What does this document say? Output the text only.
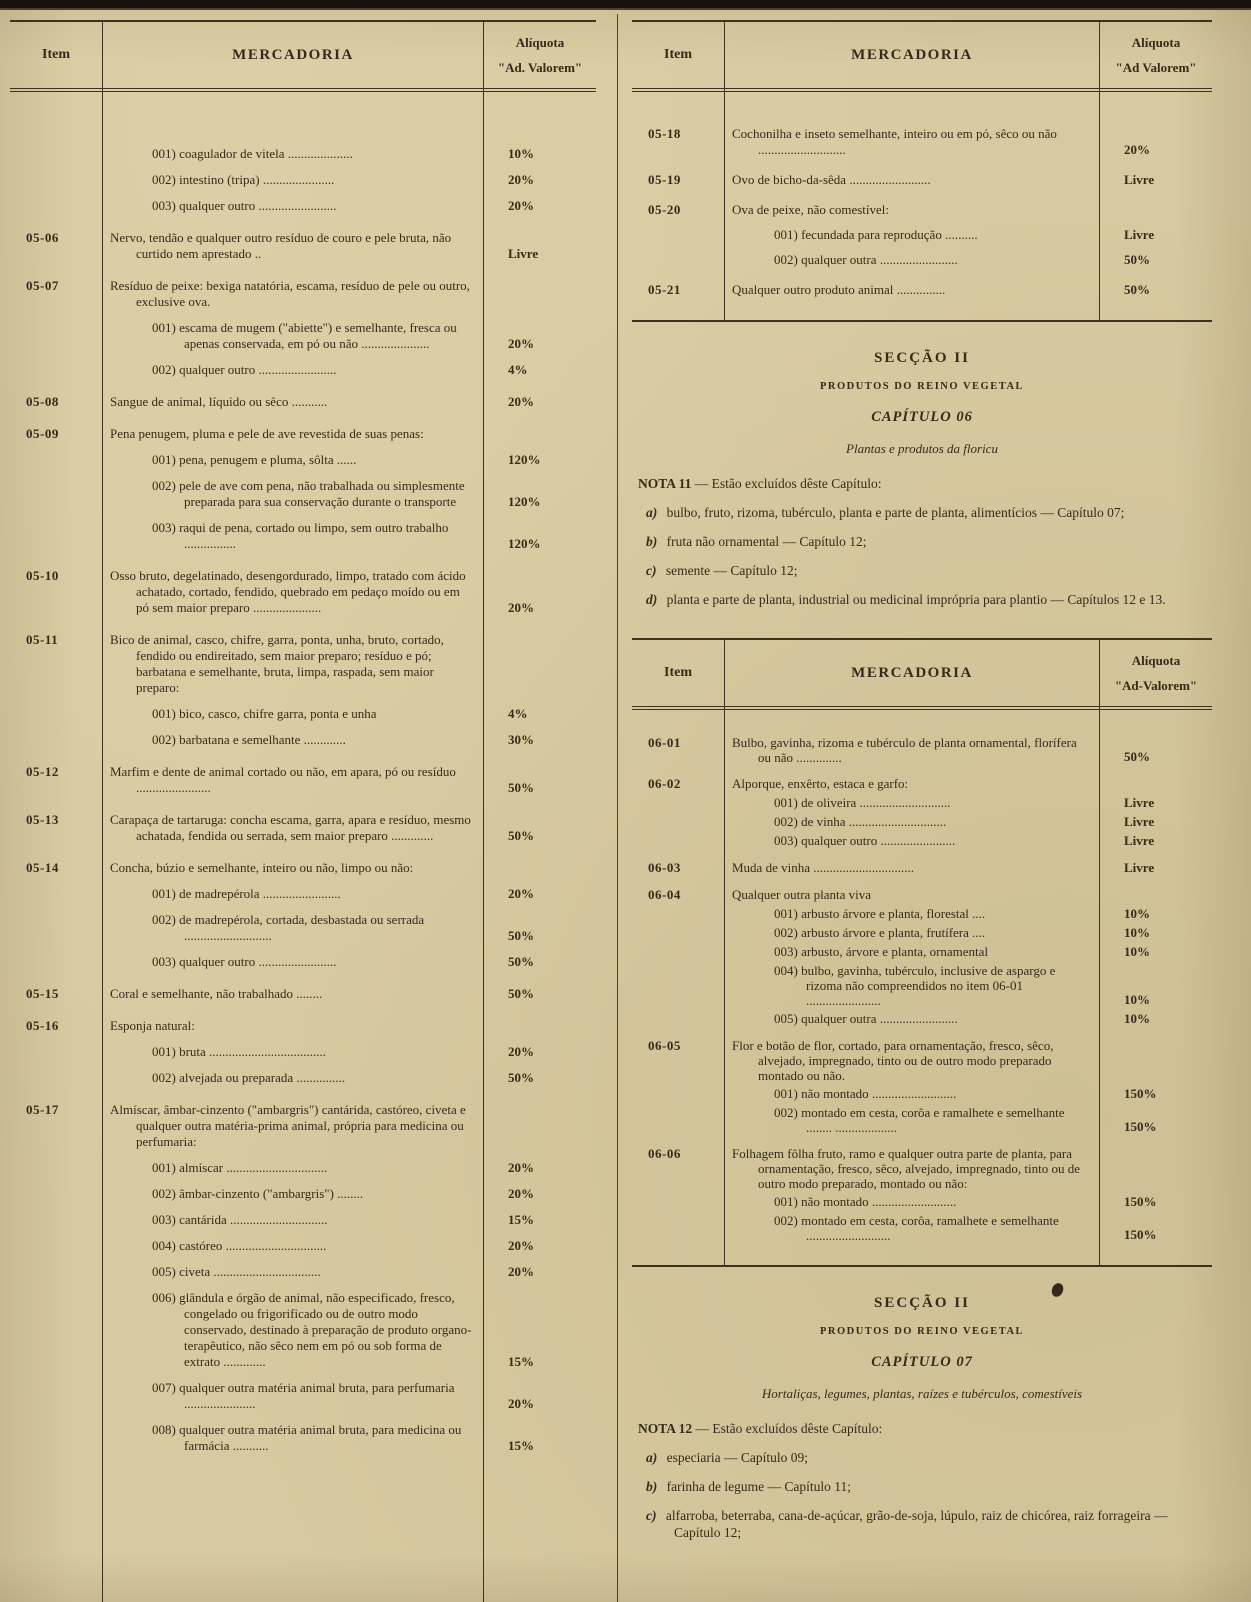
Item	MERCADORIA
Alíquota
"Ad. Valorem"
001) coagulador de vitela ....................	10%
002) intestino (tripa) ......................	20%
003) qualquer outro ........................	20%
05-06	Nervo, tendão e qualquer outro resíduo de couro e pele bruta, não curtido nem aprestado ..	Livre
05-07	Resíduo de peixe: bexiga natatória, escama, resíduo de pele ou outro, exclusive ova.
001) escama de mugem ("abiette") e semelhante, fresca ou apenas conservada, em pó ou não .....................	20%
002) qualquer outro ........................	4%
05-08	Sangue de animal, líquido ou sêco ...........	20%
05-09	Pena penugem, pluma e pele de ave revestida de suas penas:
001) pena, penugem e pluma, sôlta ......	120%
002) pele de ave com pena, não trabalhada ou simplesmente preparada para sua conservação durante o transporte	120%
003) raqui de pena, cortado ou limpo, sem outro trabalho ................	120%
05-10	Osso bruto, degelatinado, desengordurado, limpo, tratado com ácido achatado, cortado, fendido, quebrado em pedaço moído ou em pó sem maior preparo .....................	20%
05-11	Bico de animal, casco, chifre, garra, ponta, unha, bruto, cortado, fendido ou endireitado, sem maior preparo; resíduo e pó; barbatana e semelhante, bruta, limpa, raspada, sem maior preparo:
001) bico, casco, chifre garra, ponta e unha	4%
002) barbatana e semelhante .............	30%
05-12	Marfim e dente de animal cortado ou não, em apara, pó ou resíduo .......................	50%
05-13	Carapaça de tartaruga: concha escama, garra, apara e resíduo, mesmo achatada, fendida ou serrada, sem maior preparo .............	50%
05-14	Concha, búzio e semelhante, inteiro ou não, limpo ou não:
001) de madrepérola ........................	20%
002) de madrepérola, cortada, desbastada ou serrada ...........................	50%
003) qualquer outro ........................	50%
05-15	Coral e semelhante, não trabalhado ........	50%
05-16	Esponja natural:
001) bruta ....................................	20%
002) alvejada ou preparada ...............	50%
05-17	Almíscar, âmbar-cinzento ("ambargris") cantárida, castóreo, civeta e qualquer outra matéria-prima animal, própria para medicina ou perfumaria:
001) almíscar ...............................	20%
002) âmbar-cinzento ("ambargris") ........	20%
003) cantárida ..............................	15%
004) castóreo ...............................	20%
005) civeta .................................	20%
006) glândula e órgão de animal, não especificado, fresco, congelado ou frigorificado ou de outro modo conservado, destinado à preparação de produto organo-terapêutico, não sêco nem em pó ou sob forma de extrato .............	15%
007) qualquer outra matéria animal bruta, para perfumaria ......................	20%
008) qualquer outra matéria animal bruta, para medicina ou farmácia ...........	15%
Item	MERCADORIA
Alíquota
"Ad Valorem"
05-18	Cochonilha e inseto semelhante, inteiro ou em pó, sêco ou não ...........................	20%
05-19	Ovo de bicho-da-sêda .........................	Livre
05-20	Ova de peixe, não comestível:
001) fecundada para reprodução ..........	Livre
002) qualquer outra ........................	50%
05-21	Qualquer outro produto animal ...............	50%
SECÇÃO II
PRODUTOS DO REINO VEGETAL
CAPÍTULO 06
Plantas e produtos da floricu
NOTA 11 — Estão excluídos dêste Capítulo:
a) bulbo, fruto, rizoma, tubérculo, planta e parte de planta, alimentícios — Capítulo 07;
b) fruta não ornamental — Capítulo 12;
c) semente — Capítulo 12;
d) planta e parte de planta, industrial ou medicinal imprópria para plantio — Capítulos 12 e 13.
Item	MERCADORIA
Alíquota
"Ad-Valorem"
06-01	Bulbo, gavinha, rizoma e tubérculo de planta ornamental, florífera ou não ..............	50%
06-02	Alporque, enxêrto, estaca e garfo:
001) de oliveira ............................	Livre
002) de vinha ..............................	Livre
003) qualquer outro .......................	Livre
06-03	Muda de vinha ...............................	Livre
06-04	Qualquer outra planta viva
001) arbusto árvore e planta, florestal ....	10%
002) arbusto árvore e planta, frutífera ....	10%
003) arbusto, árvore e planta, ornamental	10%
004) bulbo, gavinha, tubérculo, inclusive de aspargo e rizoma não compreendidos no item 06-01 .......................	10%
005) qualquer outra ........................	10%
06-05	Flor e botão de flor, cortado, para ornamentação, fresco, sêco, alvejado, impregnado, tinto ou de outro modo preparado montado ou não.
001) não montado ..........................	150%
002) montado em cesta, corôa e ramalhete e semelhante ........ ...................	150%
06-06	Folhagem fôlha fruto, ramo e qualquer outra parte de planta, para ornamentação, fresco, sêco, alvejado, impregnado, tinto ou de outro modo preparado, montado ou não:
001) não montado ..........................	150%
002) montado em cesta, corôa, ramalhete e semelhante ..........................	150%
SECÇÃO II
PRODUTOS DO REINO VEGETAL
CAPÍTULO 07
Hortaliças, legumes, plantas, raízes e tubérculos, comestíveis
NOTA 12 — Estão excluídos dêste Capítulo:
a) especiaria — Capítulo 09;
b) farinha de legume — Capítulo 11;
c) alfarroba, beterraba, cana-de-açúcar, grão-de-soja, lúpulo, raiz de chicórea, raiz forrageira — Capítulo 12;
